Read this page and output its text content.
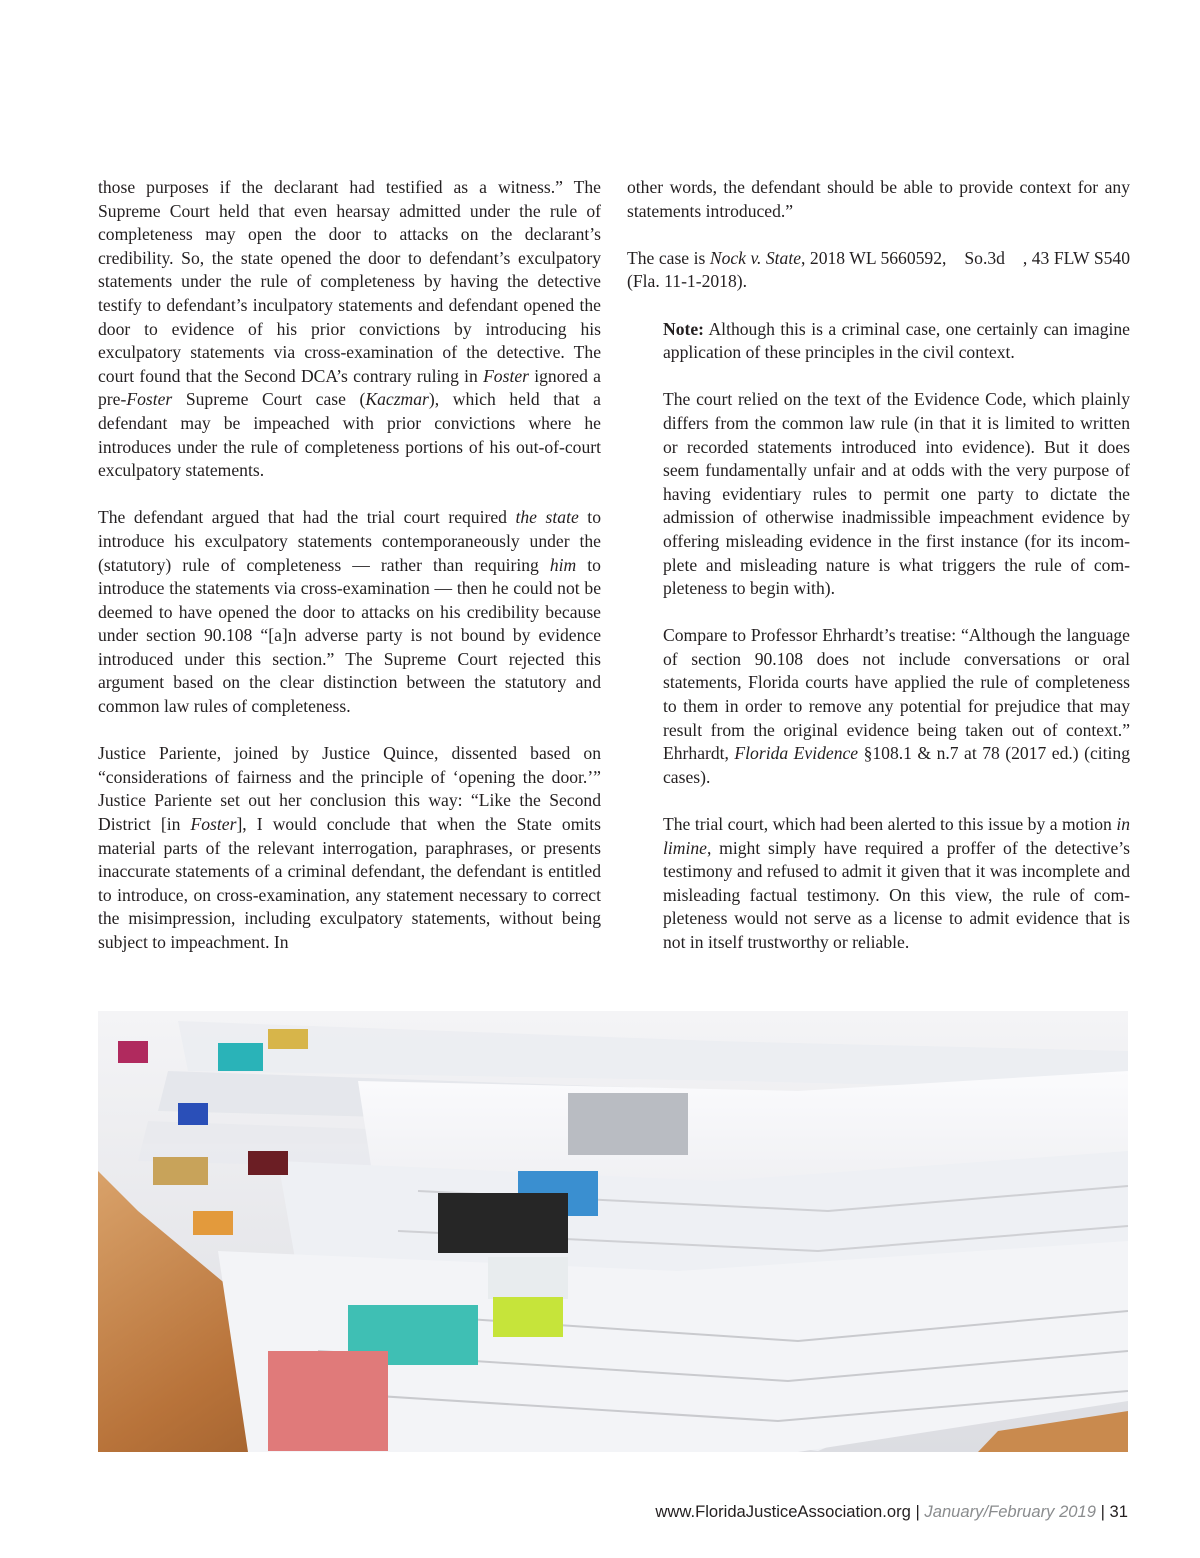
those purposes if the declarant had testified as a witness.” The Supreme Court held that even hearsay admitted under the rule of completeness may open the door to attacks on the declarant’s credibility. So, the state opened the door to defendant’s exculpatory statements under the rule of completeness by having the detective testify to defendant’s inculpatory statements and defendant opened the door to evidence of his prior convictions by introducing his exculpatory statements via cross-examination of the detective. The court found that the Second DCA’s contrary ruling in Foster ignored a pre-Foster Supreme Court case (Kaczmar), which held that a defendant may be impeached with prior convictions where he introduces under the rule of completeness portions of his out-of-court exculpatory statements.

The defendant argued that had the trial court required the state to introduce his exculpatory statements contemporaneously under the (statutory) rule of completeness — rather than requiring him to introduce the statements via cross-examination — then he could not be deemed to have opened the door to attacks on his credibility because under section 90.108 “[a]n adverse party is not bound by evidence introduced under this section.” The Supreme Court rejected this argument based on the clear distinction between the statutory and common law rules of completeness.

Justice Pariente, joined by Justice Quince, dissented based on “considerations of fairness and the principle of ‘opening the door.’” Justice Pariente set out her conclusion this way: “Like the Second District [in Foster], I would conclude that when the State omits material parts of the relevant interrogation, paraphrases, or presents inaccurate statements of a criminal defendant, the defendant is entitled to introduce, on cross-examination, any statement necessary to correct the misimpression, including exculpatory statements, without being subject to impeachment. In

other words, the defendant should be able to provide context for any statements introduced.”

The case is Nock v. State, 2018 WL 5660592,    So.3d    , 43 FLW S540 (Fla. 11-1-2018).

Note: Although this is a criminal case, one certainly can imagine application of these principles in the civil context.

The court relied on the text of the Evidence Code, which plainly differs from the common law rule (in that it is limited to written or recorded statements introduced into evidence). But it does seem fundamentally unfair and at odds with the very purpose of having evidentiary rules to permit one party to dictate the admission of otherwise inadmissible impeachment evidence by offering misleading evidence in the first instance (for its incomplete and misleading nature is what triggers the rule of completeness to begin with).

Compare to Professor Ehrhardt’s treatise: “Although the language of section 90.108 does not include conversations or oral statements, Florida courts have applied the rule of completeness to them in order to remove any potential for prejudice that may result from the original evidence being taken out of context.” Ehrhardt, Florida Evidence §108.1 & n.7 at 78 (2017 ed.) (citing cases).

The trial court, which had been alerted to this issue by a motion in limine, might simply have required a proffer of the detective’s testimony and refused to admit it given that it was incomplete and misleading factual testimony. On this view, the rule of completeness would not serve as a license to admit evidence that is not in itself trustworthy or reliable.

www.FloridaJusticeAssociation.org | January/February 2019 | 31
